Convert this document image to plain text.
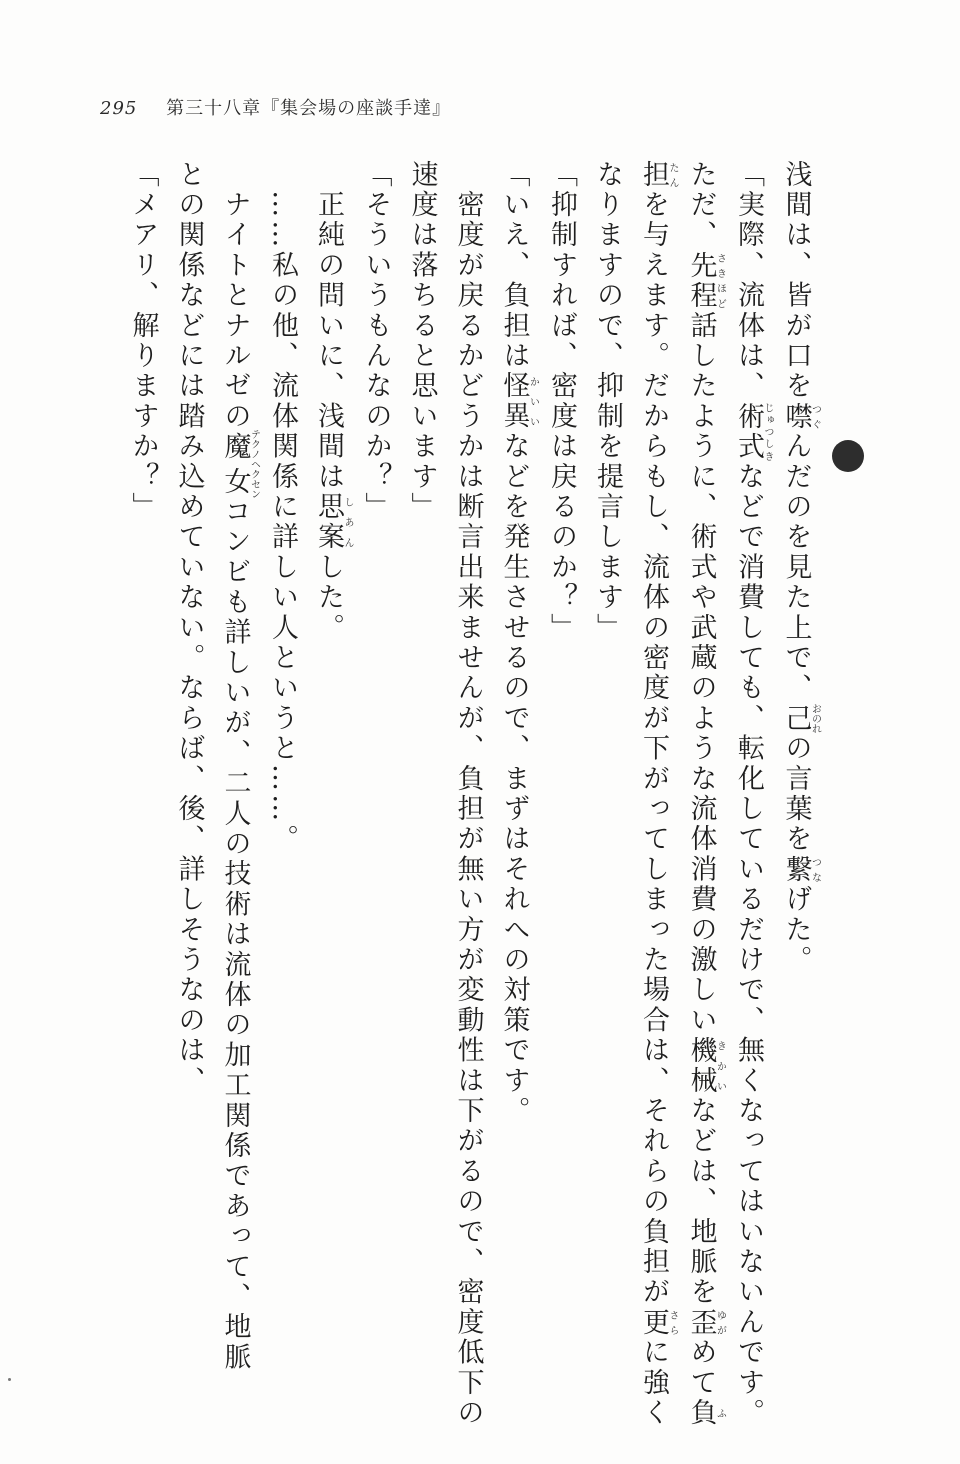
295 第三十八章『集会場の座談手達』
浅間は、皆が口を噤つぐんだのを見た上で、己おのれの言葉を繋つなげた。
「実際、流体は、術式じゅつしきなどで消費しても、転化しているだけで、無くなってはいないんです。
ただ、先程さきほど話したように、術式や武蔵のような流体消費の激しい機械きかいなどは、地脈を歪ゆがめて負ふ
担たんを与えます。だからもし、流体の密度が下がってしまった場合は、それらの負担が更さらに強く
なりますので、抑制を提言します」
「抑制すれば、密度は戻るのか？」
「いえ、負担は怪異かいいなどを発生させるので、まずはそれへの対策です。
　密度が戻るかどうかは断言出来ませんが、負担が無い方が変動性は下がるので、密度低下の
速度は落ちると思います」
「そういうもんなのか？」
　正純の問いに、浅間は思案しあんした。
　……私の他、流体関係に詳しい人というと……。
　ナイトとナルゼの魔女テクノヘクセンコンビも詳しいが、二人の技術は流体の加工関係であって、地脈
との関係などには踏み込めていない。ならば、後、詳しそうなのは、
「メアリ、解りますか？」
